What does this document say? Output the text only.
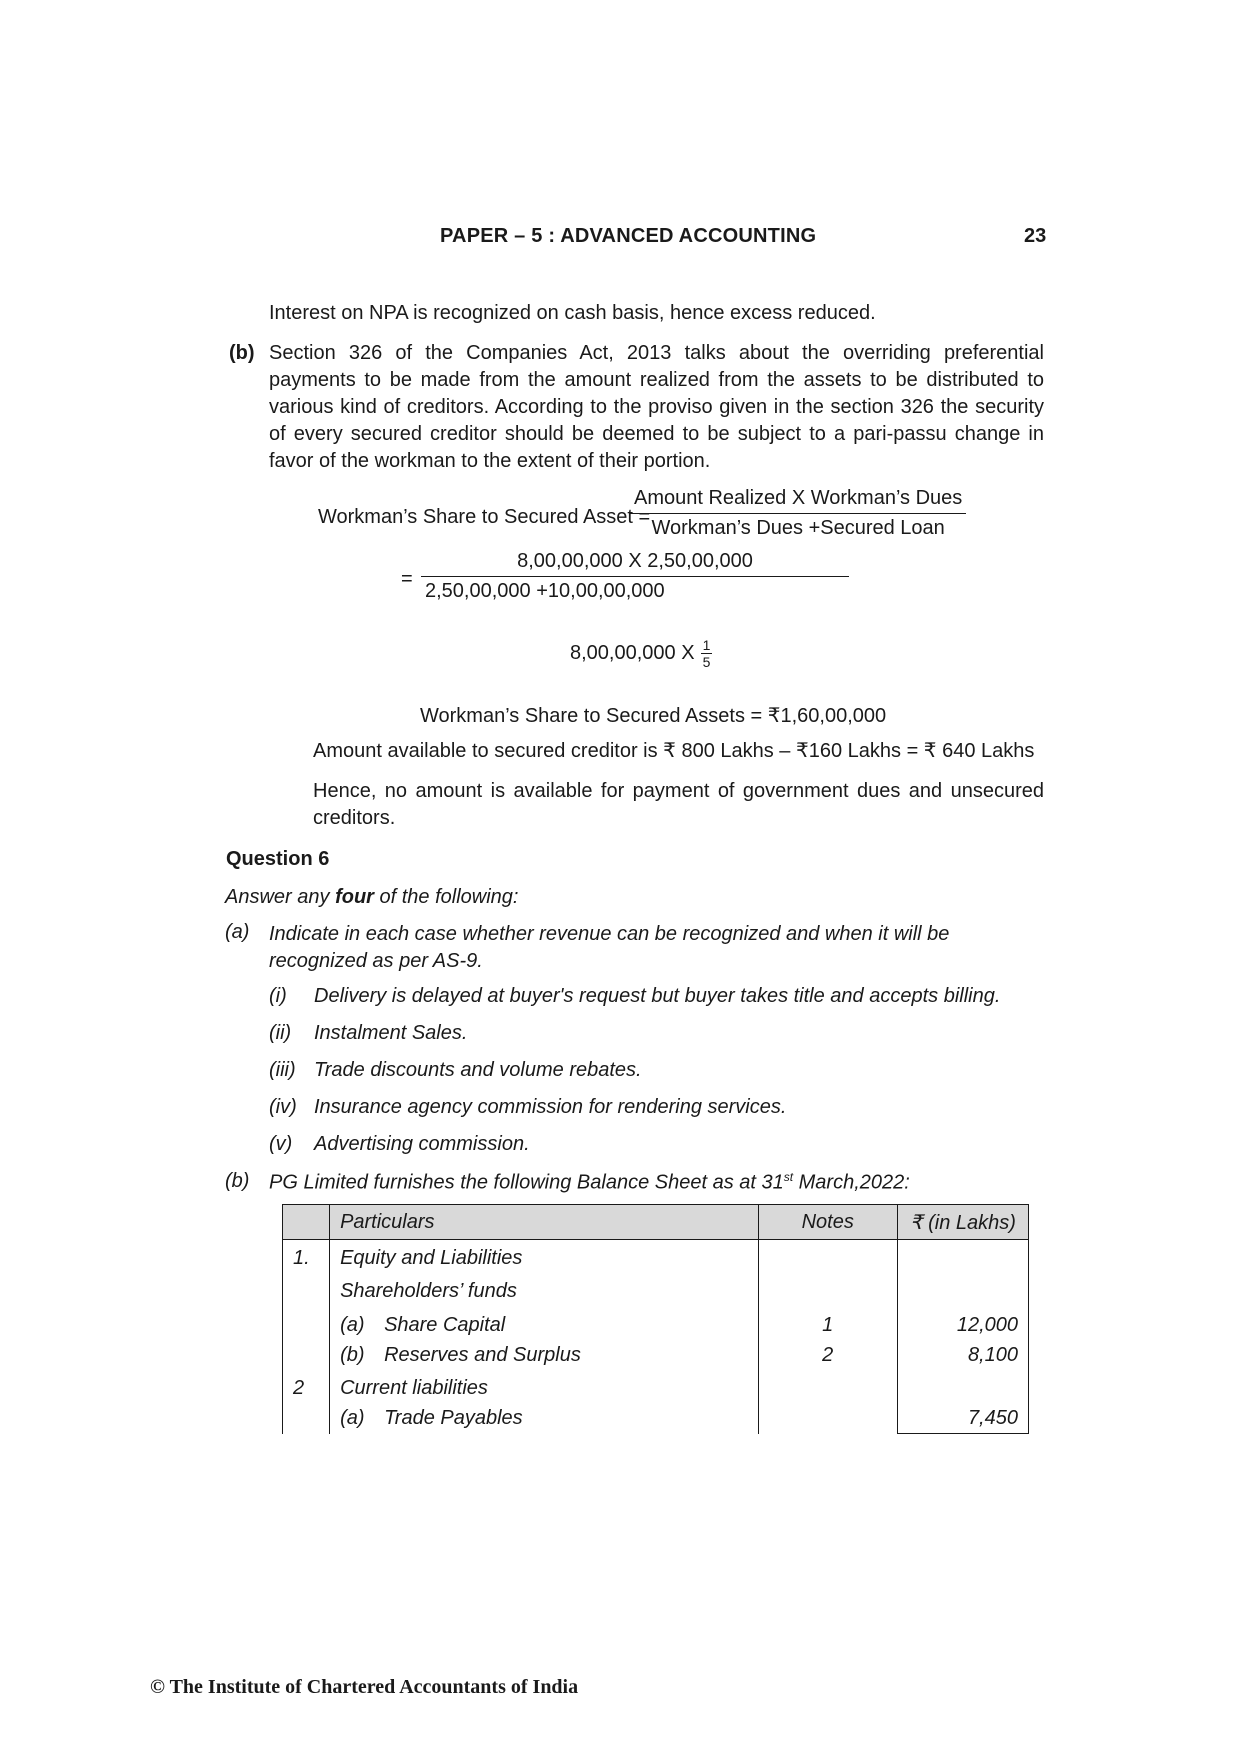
PAPER – 5 : ADVANCED ACCOUNTING	23
Interest on NPA is recognized on cash basis, hence excess reduced.
(b) Section 326 of the Companies Act, 2013 talks about the overriding preferential payments to be made from the amount realized from the assets to be distributed to various kind of creditors. According to the proviso given in the section 326 the security of every secured creditor should be deemed to be subject to a pari-passu change in favor of the workman to the extent of their portion.
Workman’s Share to Secured Asset =
Amount Realized X Workman’s Dues
Workman’s Dues +Secured Loan
= $\frac{8,00,00,000 X 2,50,00,000}{2,50,00,000 +10,00,00,000}$
8,00,00,000 X $\frac{1}{5}$
Workman’s Share to Secured Assets = ₹1,60,00,000
Amount available to secured creditor is ₹ 800 Lakhs – ₹160 Lakhs = ₹ 640 Lakhs
Hence, no amount is available for payment of government dues and unsecured creditors.
Question 6
Answer any four of the following:
(a) Indicate in each case whether revenue can be recognized and when it will be recognized as per AS-9.
(i) Delivery is delayed at buyer's request but buyer takes title and accepts billing.
(ii) Instalment Sales.
(iii) Trade discounts and volume rebates.
(iv) Insurance agency commission for rendering services.
(v) Advertising commission.
(b) PG Limited furnishes the following Balance Sheet as at 31st March,2022:
	Particulars	Notes	₹ (in Lakhs)
1.	Equity and Liabilities		
	Shareholders’ funds		
	(a) Share Capital	1	12,000
	(b) Reserves and Surplus	2	8,100
2	Current liabilities		
	(a) Trade Payables		7,450
© The Institute of Chartered Accountants of India
